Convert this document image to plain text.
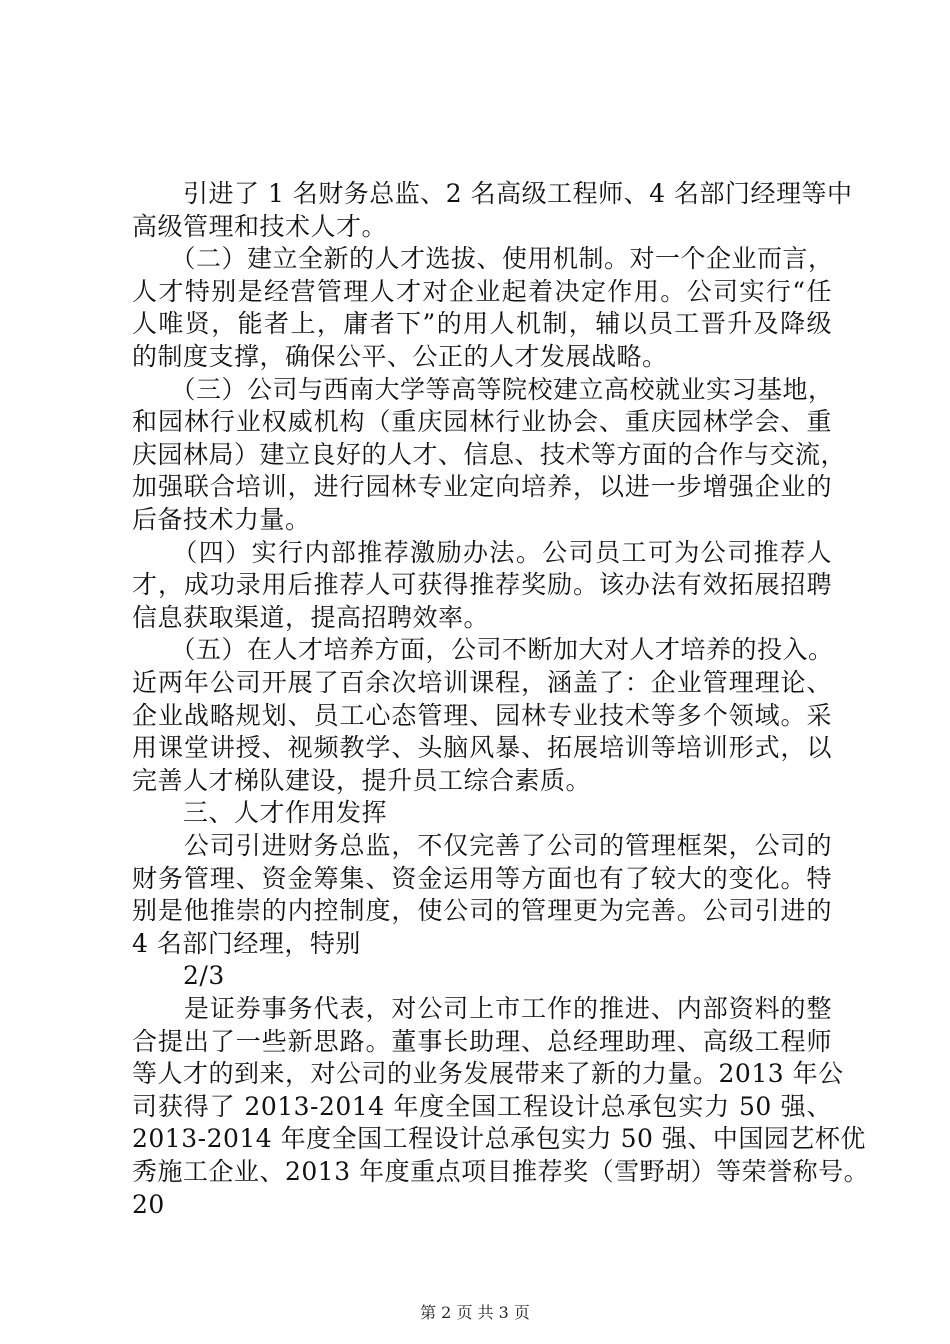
　　引进了 1 名财务总监、2 名高级工程师、4 名部门经理等中
高级管理和技术人才。
　　（二）建立全新的人才选拔、使用机制。对一个企业而言，
人才特别是经营管理人才对企业起着决定作用。公司实行“任
人唯贤，能者上，庸者下”的用人机制，辅以员工晋升及降级
的制度支撑，确保公平、公正的人才发展战略。
　　（三）公司与西南大学等高等院校建立高校就业实习基地，
和园林行业权威机构（重庆园林行业协会、重庆园林学会、重
庆园林局）建立良好的人才、信息、技术等方面的合作与交流，
加强联合培训，进行园林专业定向培养，以进一步增强企业的
后备技术力量。
　　（四）实行内部推荐激励办法。公司员工可为公司推荐人
才，成功录用后推荐人可获得推荐奖励。该办法有效拓展招聘
信息获取渠道，提高招聘效率。
　　（五）在人才培养方面，公司不断加大对人才培养的投入。
近两年公司开展了百余次培训课程，涵盖了：企业管理理论、
企业战略规划、员工心态管理、园林专业技术等多个领域。采
用课堂讲授、视频教学、头脑风暴、拓展培训等培训形式，以
完善人才梯队建设，提升员工综合素质。
　　三、人才作用发挥
　　公司引进财务总监，不仅完善了公司的管理框架，公司的
财务管理、资金筹集、资金运用等方面也有了较大的变化。特
别是他推崇的内控制度，使公司的管理更为完善。公司引进的
4 名部门经理，特别
　　2/3
　　是证券事务代表，对公司上市工作的推进、内部资料的整
合提出了一些新思路。董事长助理、总经理助理、高级工程师
等人才的到来，对公司的业务发展带来了新的力量。2013 年公
司获得了 2013-2014 年度全国工程设计总承包实力 50 强、
2013-2014 年度全国工程设计总承包实力 50 强、中国园艺杯优
秀施工企业、2013 年度重点项目推荐奖（雪野胡）等荣誉称号。
20
第 2 页 共 3 页
